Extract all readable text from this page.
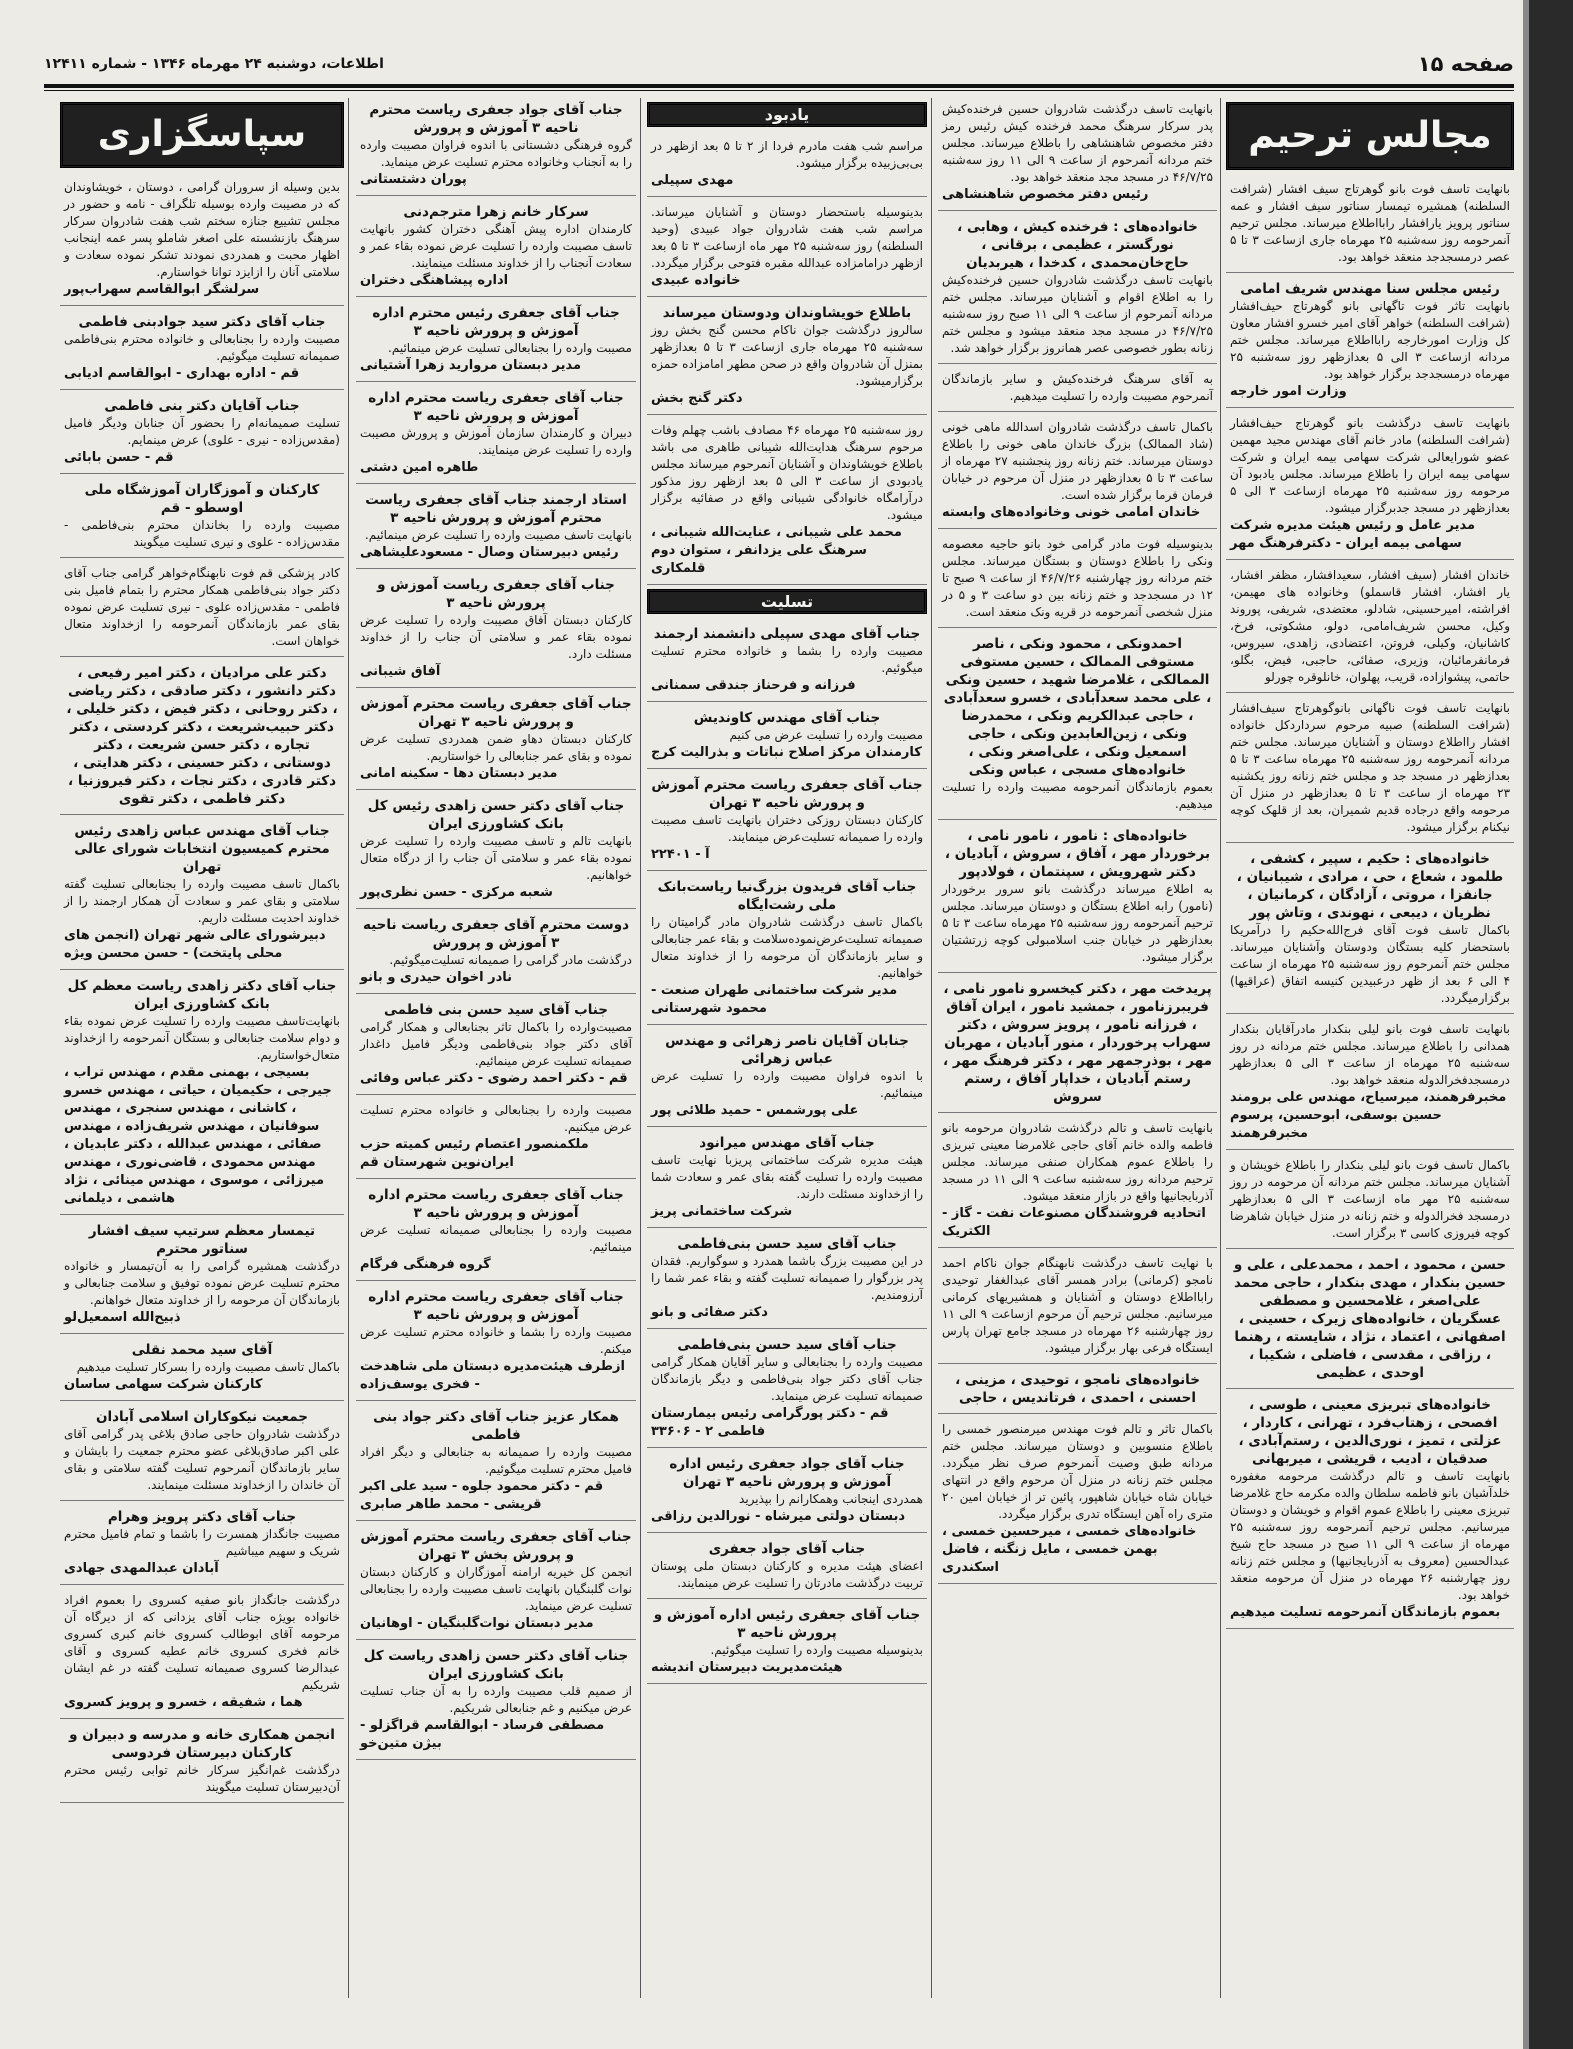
صفحه ۱۵
اطلاعات، دوشنبه ۲۴ مهرماه ۱۳۴۶ - شماره ۱۲۴۱۱
مجالس ترحیم
بانهایت تاسف فوت بانو گوهرتاج سیف افشار (شرافت السلطنه) همشیره تیمسار سناتور سیف افشار و عمه سناتور پرویز یارافشار رابااطلاع میرساند. مجلس ترحیم آنمرحومه روز سه‌شنبه ۲۵ مهرماه جاری ازساعت ۳ تا ۵ عصر درمسجدجد منعقد خواهد بود.
رئیس مجلس سنا مهندس شریف امامی
بانهایت تاثر فوت تاگهانی بانو گوهرتاج حیف‌افشار (شرافت السلطنه) خواهر آقای امیر خسرو افشار معاون کل وزارت امورخارجه رابااطلاع میرساند. مجلس ختم مردانه ازساعت ۳ الی ۵ بعدازظهر روز سه‌شنبه ۲۵ مهرماه درمسجدجد برگزار خواهد بود.
وزارت امور خارجه
بانهایت تاسف درگذشت بانو گوهرتاج حیف‌افشار (شرافت السلطنه) مادر خانم آقای مهندس مجید مهمین عضو شورایعالی شرکت سهامی بیمه ایران و شرکت سهامی بیمه ایران را باطلاع میرساند. مجلس یادبود آن مرحومه روز سه‌شنبه ۲۵ مهرماه ازساعت ۳ الی ۵ بعدازظهر در مسجد جدبرگزار میشود.
مدیر عامل و رئیس هیئت مدیره شرکت سهامی بیمه ایران - دکترفرهنگ مهر
خاندان افشار (سیف افشار، سعیدافشار، مظفر افشار، یار افشار، افشار قاسملو) وخانواده های مهیمن، افراشته، امیرحسینی، شادلو، معتضدی، شریفی، پوروند وکیل، محسن شریف‌امامی، دولو، مشکوتی، فرخ، کاشانیان، وکیلی، فروتن، اعتضادی، زاهدی، سیروس، فرمانفرمائیان، وزیری، صفائی، حاجبی، فیض، بگلو، حاتمی، پیشوازاده، قریب، پهلوان، خانلوقره چورلو
بانهایت تاسف فوت ناگهانی بانوگوهرتاج سیف‌افشار (شرافت السلطنه) صبیه مرحوم سرداردکل خانواده افشار رااطلاع دوستان و آشنایان میرساند. مجلس ختم مردانه آنمرحومه روز سه‌شنبه ۲۵ مهرماه ساعت ۳ تا ۵ بعدازظهر در مسجد جد و مجلس ختم زنانه روز یکشنبه ۲۳ مهرماه از ساعت ۳ تا ۵ بعدازظهر در منزل آن مرحومه واقع درجاده قدیم شمیران، بعد از قلهک کوچه نیکنام برگزار میشود.
خانواده‌های : حکیم ، سپیر ، کشفی ، طلمود ، شعاع ، حی ، مرادی ، شیبانیان ، جانفزا ، مروتی ، آزادگان ، کرمانیان ، نظریان ، دیبعی ، نهوندی ، وتاش پور
باکمال تاسف فوت آقای فرج‌الله‌حکیم را درآمریکا باستحضار کلیه بستگان ودوستان وآشنایان میرساند. مجلس ختم آنمرحوم روز سه‌شنبه ۲۵ مهرماه از ساعت ۴ الی ۶ بعد از ظهر درعبیدین کنیسه اتفاق (عراقیها) برگزارمیگردد.
بانهایت تاسف فوت بانو لیلی بنکدار مادرآقایان بنکدار همدانی را باطلاع میرساند. مجلس ختم مردانه در روز سه‌شنبه ۲۵ مهرماه از ساعت ۳ الی ۵ بعدازظهر درمسجدفخرالدوله منعقد خواهد بود.
مخبرفرهمند، میرسیاح، مهندس علی برومند حسین بوسفی، ابوحسین، پرسوم مخبرفرهمند
باکمال تاسف فوت بانو لیلی بنکدار را باطلاع خویشان و آشنایان میرساند. مجلس ختم مردانه آن مرحومه در روز سه‌شنبه ۲۵ مهر ماه ازساعت ۳ الی ۵ بعدازظهر درمسجد فخرالدوله و ختم زنانه در منزل خیابان شاهرضا کوچه فیروزی کاسی ۳ برگزار است.
حسن ، محمود ، احمد ، محمدعلی ، علی و حسین بنکدار ، مهدی بنکدار ، حاجی محمد علی‌اصغر ، غلامحسین و مصطفی عسگریان ، خانواده‌های زیرک ، حسینی ، اصفهانی ، اعتماد ، نژاد ، شایسته ، رهنما ، رزاقی ، مقدسی ، فاضلی ، شکیبا ، اوحدی ، عظیمی
خانواده‌های تبریزی معینی ، طوسی ، افصحی ، زهتاب‌فرد ، تهرانی ، کاردار ، عزلتی ، تمیز ، نوری‌الدین ، رستم‌آبادی ، صدقیان ، ادیب ، قریشی ، میربهانی
بانهایت تاسف و تالم درگذشت مرحومه مغفوره خلدآشیان بانو فاطمه سلطان والده مکرمه حاج غلامرضا تبریزی معینی را باطلاع عموم اقوام و خویشان و دوستان میرسانیم. مجلس ترحیم آنمرحومه روز سه‌شنبه ۲۵ مهرماه از ساعت ۹ الی ۱۱ صبح در مسجد حاج شیخ عبدالحسین (معروف به آذربایجانیها) و مجلس ختم زنانه روز چهارشنبه ۲۶ مهرماه در منزل آن مرحومه منعقد خواهد بود.
بعموم بازماندگان آنمرحومه تسلیت میدهیم
بانهایت تاسف درگذشت شادروان حسین فرخنده‌کیش پدر سرکار سرهنگ محمد فرخنده کیش رئیس رمز دفتر مخصوص شاهنشاهی را باطلاع میرساند. مجلس ختم مردانه آنمرحوم از ساعت ۹ الی ۱۱ روز سه‌شنبه ۴۶/۷/۲۵ در مسجد مجد منعقد خواهد بود.
رئیس دفتر مخصوص شاهنشاهی
خانواده‌های : فرخنده کیش ، وهابی ، نورگستر ، عظیمی ، برقانی ، حاج‌خان‌محمدی ، کدخدا ، هیربدیان
بانهایت تاسف درگذشت شادروان حسین فرخنده‌کیش را به اطلاع اقوام و آشنایان میرساند. مجلس ختم مردانه آنمرحوم از ساعت ۹ الی ۱۱ صبح روز سه‌شنبه ۴۶/۷/۲۵ در مسجد مجد منعقد میشود و مجلس ختم زنانه بطور خصوصی عصر همانروز برگزار خواهد شد.
به آقای سرهنگ فرخنده‌کیش و سایر بازماندگان آنمرحوم مصیبت وارده را تسلیت میدهیم.
باکمال تاسف درگذشت شادروان اسدالله ماهی خونی (شاد الممالک) بزرگ خاندان ماهی خونی را باطلاع دوستان میرساند. ختم زنانه روز پنجشنبه ۲۷ مهرماه از ساعت ۳ تا ۵ بعدازظهر در منزل آن مرحوم در خیابان فرمان فرما برگزار شده است.
خاندان امامی خونی وخانواده‌های وابسته
بدینوسیله فوت مادر گرامی خود بانو حاجیه معصومه ونکی را باطلاع دوستان و بستگان میرساند. مجلس ختم مردانه روز چهارشنبه ۴۶/۷/۲۶ از ساعت ۹ صبح تا ۱۲ در مسجدجد و ختم زنانه بین دو ساعت ۳ و ۵ در منزل شخصی آنمرحومه در قریه ونک منعقد است.
احمدونکی ، محمود ونکی ، ناصر مستوفی الممالک ، حسین مستوفی الممالکی ، غلامرضا شهید ، حسین ونکی ، علی محمد سعدآبادی ، خسرو سعدآبادی ، حاجی عبدالکریم ونکی ، محمدرضا ونکی ، زین‌العابدین ونکی ، حاجی اسمعیل ونکی ، علی‌اصغر ونکی ، خانواده‌های مسجی ، عباس ونکی
بعموم بازماندگان آنمرحومه مصیبت وارده را تسلیت میدهیم.
خانواده‌های : نامور ، نامور نامی ، برخوردار مهر ، آفاق ، سروش ، آبادیان ، دکتر شهرویش ، سپنتمان ، فولادپور
به اطلاع میرساند درگذشت بانو سرور برخوردار (نامور) رابه اطلاع بستگان و دوستان میرساند. مجلس ترحیم آنمرحومه روز سه‌شنبه ۲۵ مهرماه ساعت ۳ تا ۵ بعدازظهر در خیابان جنب اسلامبولی کوچه زرتشتیان برگزار میشود.
پریدخت مهر ، دکتر کیخسرو نامور نامی ، فریبرزنامور ، جمشید نامور ، ایران آفاق ، فرزانه نامور ، پرویز سروش ، دکتر سهراب پرخوردار ، منور آبادیان ، مهربان مهر ، بوذرجمهر مهر ، دکتر فرهنگ مهر ، رستم آبادیان ، خداپار آفاق ، رستم سروش
بانهایت تاسف و تالم درگذشت شادروان مرحومه بانو فاطمه والده خانم آقای حاجی غلامرضا معینی تبریزی را باطلاع عموم همکاران صنفی میرساند. مجلس ترحیم مردانه روز سه‌شنبه ساعت ۹ الی ۱۱ در مسجد آذربایجانیها واقع در بازار منعقد میشود.
اتحادیه فروشندگان مصنوعات نفت - گاز - الکتریک
با نهایت تاسف درگذشت نابهنگام جوان ناکام احمد نامجو (کرمانی) برادر همسر آقای عبدالغفار توحیدی رابااطلاع دوستان و آشنایان و همشیریهای کرمانی میرسانیم. مجلس ترحیم آن مرحوم ازساعت ۹ الی ۱۱ روز چهارشنبه ۲۶ مهرماه در مسجد جامع تهران پارس ایستگاه فرعی بهار برگزار میشود.
خانواده‌های نامجو ، توحیدی ، مزینی ، احسنی ، احمدی ، فرتاندیس ، حاجی
باکمال تاثر و تالم فوت مهندس میرمنصور خمسی را باطلاع منسوبین و دوستان میرساند. مجلس ختم مردانه طبق وصیت آنمرحوم صرف نظر میگردد. مجلس ختم زنانه در منزل آن مرحوم واقع در انتهای خیابان شاه خیابان شاهپور، پائین تر از خیابان امین ۲۰ متری راه آهن ایستگاه تدری برگزار میگردد.
خانواده‌های خمسی ، میرحسین خمسی ، بهمن خمسی ، مایل زنگنه ، فاضل اسکندری
یادبود
مراسم شب هفت مادرم فردا از ۲ تا ۵ بعد ازظهر در بی‌بی‌زبیده برگزار میشود.
مهدی سپیلی
بدینوسیله باستحضار دوستان و آشنایان میرساند. مراسم شب هفت شادروان جواد عبیدی (وحید السلطنه) روز سه‌شنبه ۲۵ مهر ماه ازساعت ۳ تا ۵ بعد ازظهر درامامزاده عبدالله مقبره فتوحی برگزار میگردد.
خانواده عبیدی
باطلاع خویشاوندان ودوستان میرساند
سالروز درگذشت جوان ناکام محسن گنج بخش روز سه‌شنبه ۲۵ مهرماه جاری ازساعت ۳ تا ۵ بعدازظهر بمنزل آن شادروان واقع در صحن مطهر امامزاده حمزه برگزارمیشود.
دکتر گنج بخش
روز سه‌شنبه ۲۵ مهرماه ۴۶ مصادف باشب چهلم وفات مرحوم سرهنگ هدایت‌الله شیبانی طاهری می باشد باطلاع خویشاوندان و آشنایان آنمرحوم میرساند مجلس یادبودی از ساعت ۳ الی ۵ بعد ازظهر روز مذکور درآرامگاه خانوادگی شیبانی واقع در صفائیه برگزار میشود.
محمد علی شیبانی ، عنایت‌الله شیبانی ، سرهنگ علی یزدانفر ، ستوان دوم قلمکاری
تسلیت
جناب آقای مهدی سپیلی دانشمند ارجمند
مصیبت وارده را بشما و خانواده محترم تسلیت میگوئیم.
فرزانه و فرحناز جندقی سمنانی
جناب آقای مهندس کاوندیش
مصیبت وارده را تسلیت عرض می کنیم
کارمندان مرکز اصلاح نباتات و بذرالیت کرج
جناب آقای جعفری ریاست محترم آموزش و پرورش ناحیه ۳ تهران
کارکنان دبستان روزکی دختران بانهایت تاسف مصیبت وارده را صمیمانه تسلیت‌عرض مینمایند.
آ - ۲۲۴۰۱
جناب آقای فریدون بزرگ‌نیا ریاست‌بانک ملی رشت‌ایگاه
باکمال تاسف درگذشت شادروان مادر گرامیتان را صمیمانه تسلیت‌عرض‌نموده‌سلامت و بقاء عمر جنابعالی و سایر بازماندگان آن مرحومه را از خداوند متعال خواهانیم.
مدیر شرکت ساختمانی طهران صنعت - محمود شهرستانی
جنابان آقایان ناصر زهرائی و مهندس عباس زهرائی
با اندوه فراوان مصیبت وارده را تسلیت عرض مینمائیم.
علی پورشمس - حمید طلائی پور
جناب آقای مهندس میرانود
هیئت مدیره شرکت ساختمانی پریزبا نهایت تاسف مصیبت وارده را تسلیت گفته بقای عمر و سعادت شما را ازخداوند مسئلت دارند.
شرکت ساختمانی پریز
جناب آقای سید حسن بنی‌فاطمی
در این مصیبت بزرگ باشما همدرد و سوگواریم. فقدان پدر بزرگوار را صمیمانه تسلیت گفته و بقاء عمر شما را آرزومندیم.
دکتر صفائی و بانو
جناب آقای سید حسن بنی‌فاطمی
مصیبت وارده را بجنابعالی و سایر آقایان همکار گرامی جناب آقای دکتر جواد بنی‌فاطمی و دیگر بازماندگان صمیمانه تسلیت عرض مینماید.
قم - دکتر پورگرامی رئیس بیمارستان فاطمی ۲ - ۳۳۶۰۶
جناب آقای جواد جعفری رئیس اداره آموزش و پرورش ناحیه ۳ تهران
همدردی اینجانب وهمکارانم را بپذیرید
دبستان دولتی میرشاه - نورالدین رزاقی
جناب آقای جواد جعفری
اعضای هیئت مدیره و کارکنان دبستان ملی پوستان تربیت درگذشت مادرتان را تسلیت عرض مینمایند.
جناب آقای جعفری رئیس اداره آموزش و پرورش ناحیه ۳
بدینوسیله مصیبت وارده را تسلیت میگوئیم.
هیئت‌مدیریت دبیرستان اندیشه
جناب آقای جواد جعفری ریاست محترم ناحیه ۳ آموزش و پرورش
گروه فرهنگی دشستانی با اندوه فراوان مصیبت وارده را به آنجناب وخانواده محترم تسلیت عرض مینماید.
پوران دشتستانی
سرکار خانم زهرا مترجم‌دنی
کارمندان اداره پیش آهنگی دختران کشور بانهایت تاسف مصیبت وارده را تسلیت عرض نموده بقاء عمر و سعادت آنجناب را از خداوند مسئلت مینمایند.
اداره پیشاهنگی دختران
جناب آقای جعفری رئیس محترم اداره آموزش و پرورش ناحیه ۳
مصیبت وارده را بجنابعالی تسلیت عرض مینمائیم.
مدیر دبستان مروارید زهرا آشتیانی
جناب آقای جعفری ریاست محترم اداره آموزش و پرورش ناحیه ۳
دبیران و کارمندان سازمان آموزش و پرورش مصیبت وارده را تسلیت عرض مینمایند.
طاهره امین دشتی
استاد ارجمند جناب آقای جعفری ریاست محترم آموزش و پرورش ناحیه ۳
بانهایت تاسف مصیبت وارده را تسلیت عرض مینمائیم.
رئیس دبیرستان وصال - مسعودعلیشاهی
جناب آقای جعفری ریاست آموزش و پرورش ناحیه ۳
کارکنان دبستان آفاق مصیبت وارده را تسلیت عرض نموده بقاء عمر و سلامتی آن جناب را از خداوند مسئلت دارد.
آفاق شیبانی
جناب آقای جعفری ریاست محترم آموزش و پرورش ناحیه ۳ تهران
کارکنان دبستان دهاو ضمن همدردی تسلیت عرض نموده و بقای عمر جنابعالی را خواستاریم.
مدیر دبستان دها - سکینه امانی
جناب آقای دکتر حسن زاهدی رئیس کل بانک کشاورزی ایران
بانهایت تالم و تاسف مصیبت وارده را تسلیت عرض نموده بقاء عمر و سلامتی آن جناب را از درگاه متعال خواهانیم.
شعبه مرکزی - حسن نظری‌پور
دوست محترم آقای جعفری ریاست ناحیه ۳ آموزش و پرورش
درگذشت مادر گرامی را صمیمانه تسلیت‌میگوئیم.
نادر اخوان حیدری و بانو
جناب آقای سید حسن بنی فاطمی
مصیبت‌وارده را باکمال تاثر بجنابعالی و همکار گرامی آقای دکتر جواد بنی‌فاطمی ودیگر فامیل داغدار صمیمانه تسلیت عرض مینمائیم.
قم - دکتر احمد رضوی - دکتر عباس وفائی
مصیبت وارده را بجنابعالی و خانواده محترم تسلیت عرض میکنیم.
ملکمنصور اعتصام رئیس کمیته حزب ایران‌نوین شهرستان قم
جناب آقای جعفری ریاست محترم اداره آموزش و پرورش ناحیه ۳
مصیبت وارده را بجنابعالی صمیمانه تسلیت عرض مینمائیم.
گروه فرهنگی فرگام
جناب آقای جعفری ریاست محترم اداره آموزش و پرورش ناحیه ۳
مصیبت وارده را بشما و خانواده محترم تسلیت عرض میکنم.
ازطرف هیئت‌مدیره دبستان ملی شاهدخت - فخری یوسف‌زاده
همکار عزیز جناب آقای دکتر جواد بنی فاطمی
مصیبت وارده را صمیمانه به جنابعالی و دیگر افراد فامیل محترم تسلیت میگوئیم.
قم - دکتر محمود جلوه - سید علی اکبر قریشی - محمد طاهر صابری
جناب آقای جعفری ریاست محترم آموزش و پرورش بخش ۳ تهران
انجمن کل خیریه ارامنه آموزگاران و کارکنان دبستان نوات گلبنگیان بانهایت تاسف مصیبت وارده را بجنابعالی تسلیت عرض مینماید.
مدیر دبستان نوات‌گلبنگیان - اوهانیان
جناب آقای دکتر حسن زاهدی ریاست کل بانک کشاورزی ایران
از صمیم قلب مصیبت وارده را به آن جناب تسلیت عرض میکنیم و غم جنابعالی شریکیم.
مصطفی فرساد - ابوالقاسم قراگزلو - بیژن متین‌خو
سپاسگزاری
بدین وسیله از سروران گرامی ، دوستان ، خویشاوندان که در مصیبت وارده بوسیله تلگراف - نامه و حضور در مجلس تشییع جنازه سختم شب هفت شادروان سرکار سرهنگ بازنشسته علی اصغر شاملو پسر عمه اینجانب اظهار محبت و همدردی نمودند تشکر نموده سعادت و سلامتی آنان را ازایزد توانا خواستارم.
سرلشگر ابوالقاسم سهراب‌پور
جناب آقای دکتر سید جوادبنی فاطمی
مصیبت وارده را بجنابعالی و خانواده محترم بنی‌فاطمی صمیمانه تسلیت میگوئیم.
قم - اداره بهداری - ابوالقاسم ادیابی
جناب آقایان دکتر بنی فاطمی
تسلیت صمیمانه‌ام را بحضور آن جنابان ودیگر فامیل (مقدس‌زاده - نیری - علوی) عرض مینمایم.
قم - حسن بابائی
کارکنان و آموزگاران آموزشگاه ملی اوسطو - قم
مصیبت وارده را بخاندان محترم بنی‌فاطمی - مقدس‌زاده - علوی و نیری تسلیت میگویند
کادر پزشکی قم فوت نابهنگام‌خواهر گرامی جناب آقای دکتر جواد بنی‌فاطمی همکار محترم را بتمام فامیل بنی فاطمی - مقدس‌زاده علوی - نیری تسلیت عرض نموده بقای عمر بازماندگان آنمرحومه را ازخداوند متعال خواهان است.
دکتر علی مرادیان ، دکتر امیر رفیعی ، دکتر دانشور ، دکتر صادقی ، دکتر ریاضی ، دکتر روحانی ، دکتر فیض ، دکتر خلیلی ، دکتر حبیب‌شریعت ، دکتر کردستی ، دکتر تجاره ، دکتر حسن شریعت ، دکتر دوستانی ، دکتر حسینی ، دکتر هدایتی ، دکتر قادری ، دکتر نجات ، دکتر فیروزنیا ، دکتر فاطمی ، دکتر تقوی
جناب آقای مهندس عباس زاهدی رئیس محترم کمیسیون انتخابات شورای عالی تهران
باکمال تاسف مصیبت وارده را بجنابعالی تسلیت گفته سلامتی و بقای عمر و سعادت آن همکار ارجمند را از خداوند احدیت مسئلت داریم.
دبیرشورای عالی شهر تهران (انجمن های محلی پایتخت) - حسن محسن ویژه
جناب آقای دکتر زاهدی ریاست معظم کل بانک کشاورزی ایران
بانهایت‌تاسف مصیبت وارده را تسلیت عرض نموده بقاء و دوام سلامت جنابعالی و بستگان آنمرحومه را ازخداوند متعال‌خواستاریم.
بسیجی ، بهمنی مقدم ، مهندس تراب ، جیرجی ، حکیمیان ، حیاتی ، مهندس خسرو ، کاشانی ، مهندس سنجری ، مهندس سوفانیان ، مهندس شریف‌زاده ، مهندس صفائی ، مهندس عبدالله ، دکتر عابدیان ، مهندس محمودی ، قاضی‌نوری ، مهندس میرزائی ، موسوی ، مهندس مینائی ، نژاد هاشمی ، دیلمانی
تیمسار معظم سرتیپ سیف افشار سناتور محترم
درگذشت همشیره گرامی را به آن‌تیمسار و خانواده محترم تسلیت عرض نموده توفیق و سلامت جنابعالی و بازماندگان آن مرحومه را از خداوند متعال خواهانم.
ذبیح‌الله اسمعیل‌لو
آقای سید محمد نقلی
باکمال تاسف مصیبت وارده را بسرکار تسلیت میدهیم
کارکنان شرکت سهامی ساسان
جمعیت نیکوکاران اسلامی آبادان
درگذشت شادروان حاجی صادق بلاغی پدر گرامی آقای علی اکبر صادق‌بلاغی عضو محترم جمعیت را بایشان و سایر بازماندگان آنمرحوم تسلیت گفته سلامتی و بقای آن خاندان را ازخداوند مسئلت مینمایند.
جناب آقای دکتر پرویز وهرام
مصیبت جانگداز همسرت را باشما و تمام فامیل محترم شریک و سهیم میباشیم
آبادان عبدالمهدی جهادی
درگذشت جانگداز بانو صفیه کسروی را بعموم افراد خانواده بویژه جناب آقای یزدانی که از دیرگاه آن مرحومه آقای ابوطالب کسروی خانم کبری کسروی خانم فخری کسروی خانم عطیه کسروی و آقای عبدالرضا کسروی صمیمانه تسلیت گفته در غم ایشان شریکیم
هما ، شفیقه ، خسرو و پرویز کسروی
انجمن همکاری خانه و مدرسه و دبیران و کارکنان دبیرستان فردوسی
درگذشت غم‌انگیز سرکار خانم توابی رئیس محترم آن‌دبیرستان تسلیت میگویند
